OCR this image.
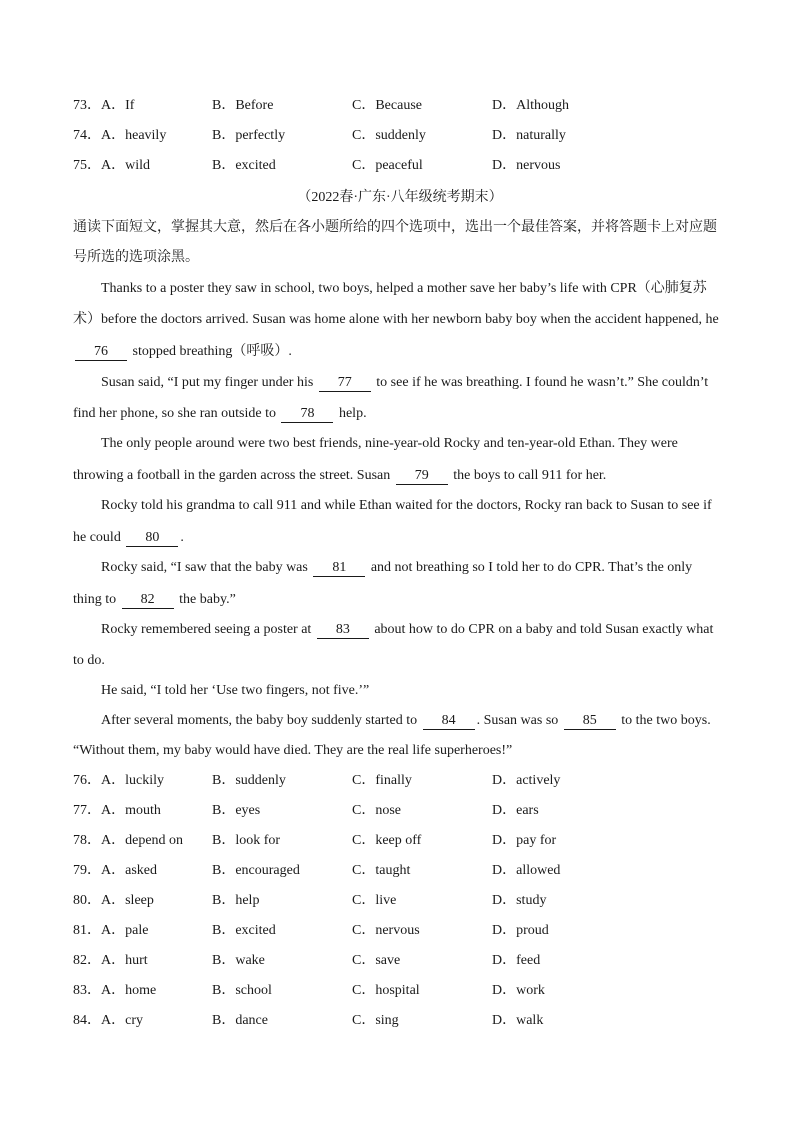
73．A．If	B．Before	C．Because	D．Although
74．A．heavily	B．perfectly	C．suddenly	D．naturally
75．A．wild	B．excited	C．peaceful	D．nervous
（2022春·广东·八年级统考期末）
通读下面短文，掌握其大意，然后在各小题所给的四个选项中，选出一个最佳答案，并将答题卡上对应题
号所选的选项涂黑。
Thanks to a poster they saw in school, two boys, helped a mother save her baby’s life with CPR（心肺复苏
术）before the doctors arrived. Susan was home alone with her newborn baby boy when the accident happened, he
76 stopped breathing（呼吸）.
Susan said, “I put my finger under his 77 to see if he was breathing. I found he wasn’t.” She couldn’t
find her phone, so she ran outside to 78 help.
The only people around were two best friends, nine-year-old Rocky and ten-year-old Ethan. They were
throwing a football in the garden across the street. Susan 79 the boys to call 911 for her.
Rocky told his grandma to call 911 and while Ethan waited for the doctors, Rocky ran back to Susan to see if
he could 80 .
Rocky said, “I saw that the baby was 81 and not breathing so I told her to do CPR. That’s the only
thing to 82 the baby.”
Rocky remembered seeing a poster at 83 about how to do CPR on a baby and told Susan exactly what
to do.
He said, “I told her ‘Use two fingers, not five.’”
After several moments, the baby boy suddenly started to 84 . Susan was so 85 to the two boys.
“Without them, my baby would have died. They are the real life superheroes!”
76．A．luckily	B．suddenly	C．finally	D．actively
77．A．mouth	B．eyes	C．nose	D．ears
78．A．depend on B．look for	C．keep off	D．pay for
79．A．asked	B．encouraged	C．taught	D．allowed
80．A．sleep	B．help	C．live	D．study
81．A．pale	B．excited	C．nervous	D．proud
82．A．hurt	B．wake	C．save	D．feed
83．A．home	B．school	C．hospital	D．work
84．A．cry	B．dance	C．sing	D．walk
